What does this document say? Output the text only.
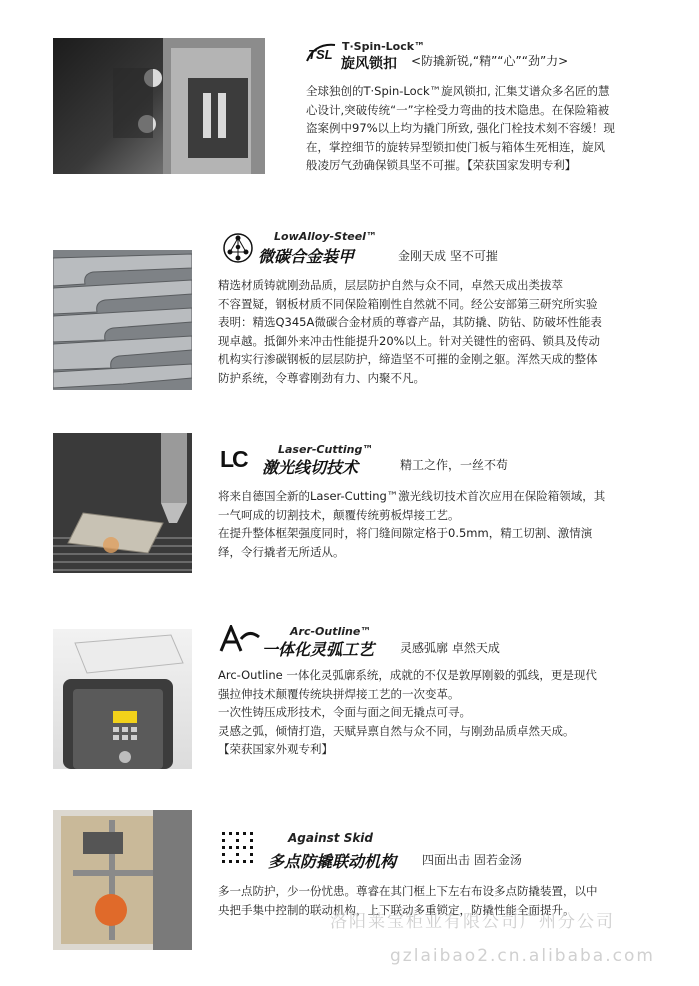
TSL
T·Spin-Lock™
旋风锁扣 <防撬新锐,“精”“心”“劲”力>

全球独创的T·Spin-Lock™旋风锁扣, 汇集艾谱众多名匠的慧

心设计,突破传统“一”字栓受力弯曲的技术隐患。在保险箱被

盗案例中97%以上均为撬门所致, 强化门栓技术刻不容缓！现

在，掌控细节的旋转异型锁扣使门板与箱体生死相连，旋风

般凌厉气劲确保锁具坚不可摧。【荣获国家发明专利】

LowAlloy-Steel™
微碳合金装甲	金刚天成 坚不可摧

精选材质铸就刚劲品质，层层防护自然与众不同，卓然天成出类拔萃

不容置疑，钢板材质不同保险箱刚性自然就不同。经公安部第三研究所实验

表明：精选Q345A微碳合金材质的尊睿产品，其防撬、防钻、防破坏性能表

现卓越。抵御外来冲击性能提升20%以上。针对关键性的密码、锁具及传动

机构实行渗碳钢板的层层防护，缔造坚不可摧的金刚之躯。浑然天成的整体

防护系统，令尊睿刚劲有力、内聚不凡。

LC	Laser-Cutting™
激光线切技术	精工之作，一丝不苟

将来自德国全新的Laser-Cutting™激光线切技术首次应用在保险箱领域，其

一气呵成的切割技术，颠覆传统剪板焊接工艺。

在提升整体框架强度同时，将门缝间隙定格于0.5mm，精工切割、激情演

绎，令行撬者无所适从。

Arc-Outline™
一体化灵弧工艺 灵感弧廓 卓然天成

Arc-Outline 一体化灵弧廓系统，成就的不仅是敦厚刚毅的弧线，更是现代

强拉伸技术颠覆传统块拼焊接工艺的一次变革。

一次性铸压成形技术，令面与面之间无撬点可寻。

灵感之弧，倾情打造，天赋异禀自然与众不同，与刚劲品质卓然天成。

【荣获国家外观专利】

Against Skid
多点防撬联动机构 四面出击 固若金汤

多一点防护，少一份忧患。尊睿在其门框上下左右布设多点防撬装置，以中

央把手集中控制的联动机构，上下联动多重锁定，防撬性能全面提升。

洛阳莱宝柜业有限公司广州分公司
gzlaibao2.cn.alibaba.com
